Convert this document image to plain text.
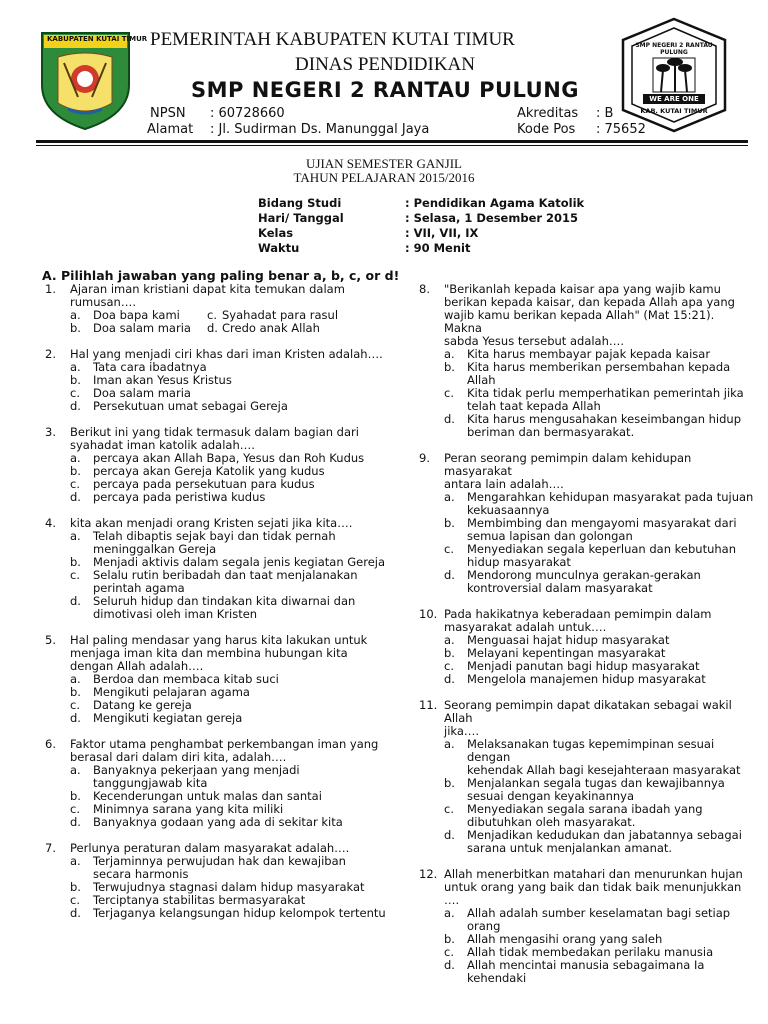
KABUPATEN KUTAI TIMUR PEMERINTAH KABUPATEN KUTAI TIMUR
DINAS PENDIDIKAN
SMP NEGERI 2 RANTAU PULUNG
SMP NEGERI 2 RANTAU PULUNG
WE ARE ONE
KAB. KUTAI TIMUR
NPSN : 60728660
Alamat : Jl. Sudirman Ds. Manunggal Jaya
Akreditas : B
Kode Pos : 75652
UJIAN SEMESTER GANJIL
TAHUN PELAJARAN 2015/2016
Bidang Studi	: Pendidikan Agama Katolik
Hari/ Tanggal	: Selasa, 1 Desember 2015
Kelas	: VII, VII, IX
Waktu	: 90 Menit
A. Pilihlah jawaban yang paling benar a, b, c, or d!
1. Ajaran iman kristiani dapat kita temukan dalam
rumusan….
a. Doa bapa kami c. Syahadat para rasul
b. Doa salam maria d. Credo anak Allah
2. Hal yang menjadi ciri khas dari iman Kristen adalah….
a. Tata cara ibadatnya
b. Iman akan Yesus Kristus
c. Doa salam maria
d. Persekutuan umat sebagai Gereja
3. Berikut ini yang tidak termasuk dalam bagian dari
syahadat iman katolik adalah….
a. percaya akan Allah Bapa, Yesus dan Roh Kudus
b. percaya akan Gereja Katolik yang kudus
c. percaya pada persekutuan para kudus
d. percaya pada peristiwa kudus
4. kita akan menjadi orang Kristen sejati jika kita….
a. Telah dibaptis sejak bayi dan tidak pernah
meninggalkan Gereja
b. Menjadi aktivis dalam segala jenis kegiatan Gereja
c. Selalu rutin beribadah dan taat menjalanakan
perintah agama
d. Seluruh hidup dan tindakan kita diwarnai dan
dimotivasi oleh iman Kristen
5. Hal paling mendasar yang harus kita lakukan untuk
menjaga iman kita dan membina hubungan kita
dengan Allah adalah….
a. Berdoa dan membaca kitab suci
b. Mengikuti pelajaran agama
c. Datang ke gereja
d. Mengikuti kegiatan gereja
6. Faktor utama penghambat perkembangan iman yang
berasal dari dalam diri kita, adalah….
a. Banyaknya pekerjaan yang menjadi
tanggungjawab kita
b. Kecenderungan untuk malas dan santai
c. Minimnya sarana yang kita miliki
d. Banyaknya godaan yang ada di sekitar kita
7. Perlunya peraturan dalam masyarakat adalah….
a. Terjaminnya perwujudan hak dan kewajiban
secara harmonis
b. Terwujudnya stagnasi dalam hidup masyarakat
c. Terciptanya stabilitas bermasyarakat
d. Terjaganya kelangsungan hidup kelompok tertentu
8. "Berikanlah kepada kaisar apa yang wajib kamu
berikan kepada kaisar, dan kepada Allah apa yang
wajib kamu berikan kepada Allah" (Mat 15:21). Makna
sabda Yesus tersebut adalah….
a. Kita harus membayar pajak kepada kaisar
b. Kita harus memberikan persembahan kepada Allah
c. Kita tidak perlu memperhatikan pemerintah jika
telah taat kepada Allah
d. Kita harus mengusahakan keseimbangan hidup
beriman dan bermasyarakat.
9. Peran seorang pemimpin dalam kehidupan masyarakat
antara lain adalah….
a. Mengarahkan kehidupan masyarakat pada tujuan
kekuasaannya
b. Membimbing dan mengayomi masyarakat dari
semua lapisan dan golongan
c. Menyediakan segala keperluan dan kebutuhan
hidup masyarakat
d. Mendorong munculnya gerakan-gerakan
kontroversial dalam masyarakat
10. Pada hakikatnya keberadaan pemimpin dalam
masyarakat adalah untuk….
a. Menguasai hajat hidup masyarakat
b. Melayani kepentingan masyarakat
c. Menjadi panutan bagi hidup masyarakat
d. Mengelola manajemen hidup masyarakat
11. Seorang pemimpin dapat dikatakan sebagai wakil Allah
jika….
a. Melaksanakan tugas kepemimpinan sesuai dengan
kehendak Allah bagi kesejahteraan masyarakat
b. Menjalankan segala tugas dan kewajibannya
sesuai dengan keyakinannya
c. Menyediakan segala sarana ibadah yang
dibutuhkan oleh masyarakat.
d. Menjadikan kedudukan dan jabatannya sebagai
sarana untuk menjalankan amanat.
12. Allah menerbitkan matahari dan menurunkan hujan
untuk orang yang baik dan tidak baik menunjukkan ….
a. Allah adalah sumber keselamatan bagi setiap
orang
b. Allah mengasihi orang yang saleh
c. Allah tidak membedakan perilaku manusia
d. Allah mencintai manusia sebagaimana Ia
kehendaki
